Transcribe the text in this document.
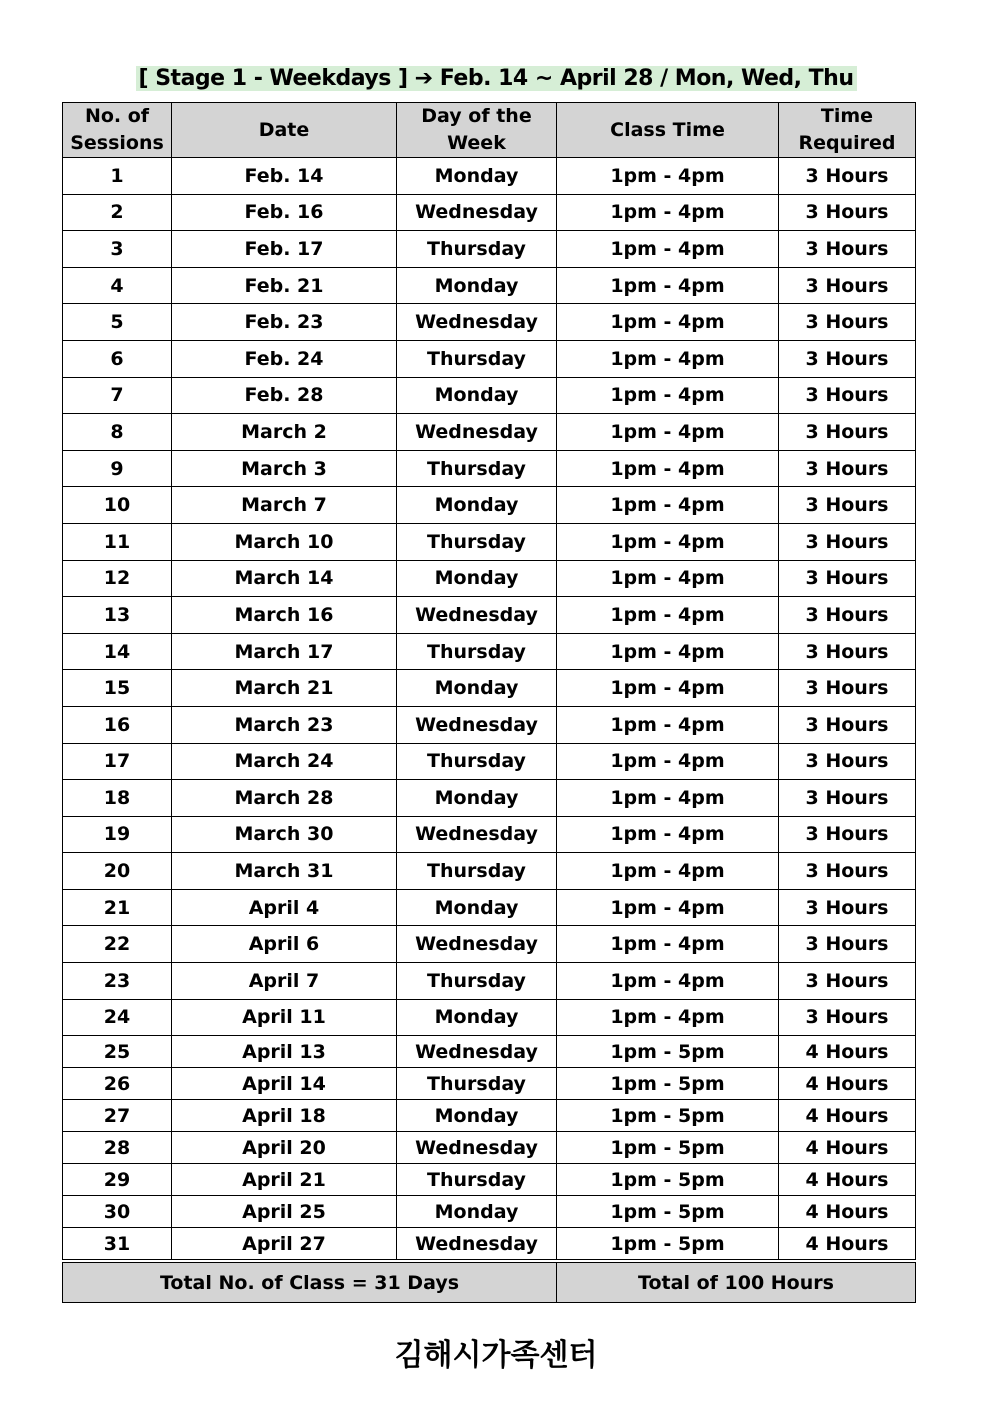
[ Stage 1 - Weekdays ] ➔ Feb. 14 ~ April 28 / Mon, Wed, Thu
No. of Sessions	Date	Day of the Week	Class Time	Time Required
1	Feb. 14	Monday	1pm - 4pm	3 Hours
2	Feb. 16	Wednesday	1pm - 4pm	3 Hours
3	Feb. 17	Thursday	1pm - 4pm	3 Hours
4	Feb. 21	Monday	1pm - 4pm	3 Hours
5	Feb. 23	Wednesday	1pm - 4pm	3 Hours
6	Feb. 24	Thursday	1pm - 4pm	3 Hours
7	Feb. 28	Monday	1pm - 4pm	3 Hours
8	March 2	Wednesday	1pm - 4pm	3 Hours
9	March 3	Thursday	1pm - 4pm	3 Hours
10	March 7	Monday	1pm - 4pm	3 Hours
11	March 10	Thursday	1pm - 4pm	3 Hours
12	March 14	Monday	1pm - 4pm	3 Hours
13	March 16	Wednesday	1pm - 4pm	3 Hours
14	March 17	Thursday	1pm - 4pm	3 Hours
15	March 21	Monday	1pm - 4pm	3 Hours
16	March 23	Wednesday	1pm - 4pm	3 Hours
17	March 24	Thursday	1pm - 4pm	3 Hours
18	March 28	Monday	1pm - 4pm	3 Hours
19	March 30	Wednesday	1pm - 4pm	3 Hours
20	March 31	Thursday	1pm - 4pm	3 Hours
21	April 4	Monday	1pm - 4pm	3 Hours
22	April 6	Wednesday	1pm - 4pm	3 Hours
23	April 7	Thursday	1pm - 4pm	3 Hours
24	April 11	Monday	1pm - 4pm	3 Hours
25	April 13	Wednesday	1pm - 5pm	4 Hours
26	April 14	Thursday	1pm - 5pm	4 Hours
27	April 18	Monday	1pm - 5pm	4 Hours
28	April 20	Wednesday	1pm - 5pm	4 Hours
29	April 21	Thursday	1pm - 5pm	4 Hours
30	April 25	Monday	1pm - 5pm	4 Hours
31	April 27	Wednesday	1pm - 5pm	4 Hours
Total No. of Class = 31 Days			Total of 100 Hours	
김해시가족센터
